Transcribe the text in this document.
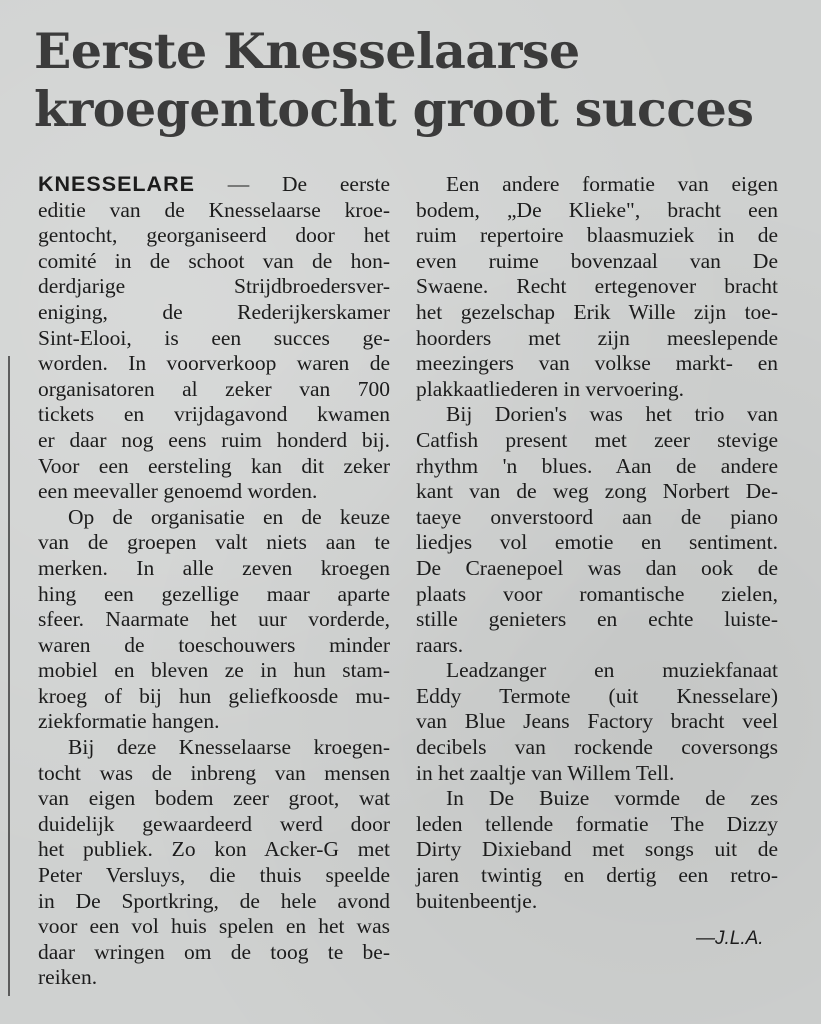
Eerste Knesselaarse
kroegentocht groot succes
KNESSELARE — De eerste
editie van de Knesselaarse kroe-
gentocht, georganiseerd door het
comité in de schoot van de hon-
derdjarige Strijdbroedersver-
eniging, de Rederijkerskamer
Sint-Elooi, is een succes ge-
worden. In voorverkoop waren de
organisatoren al zeker van 700
tickets en vrijdagavond kwamen
er daar nog eens ruim honderd bij.
Voor een eersteling kan dit zeker
een meevaller genoemd worden.
Op de organisatie en de keuze
van de groepen valt niets aan te
merken. In alle zeven kroegen
hing een gezellige maar aparte
sfeer. Naarmate het uur vorderde,
waren de toeschouwers minder
mobiel en bleven ze in hun stam-
kroeg of bij hun geliefkoosde mu-
ziekformatie hangen.
Bij deze Knesselaarse kroegen-
tocht was de inbreng van mensen
van eigen bodem zeer groot, wat
duidelijk gewaardeerd werd door
het publiek. Zo kon Acker-G met
Peter Versluys, die thuis speelde
in De Sportkring, de hele avond
voor een vol huis spelen en het was
daar wringen om de toog te be-
reiken.
Een andere formatie van eigen
bodem, „De Klieke", bracht een
ruim repertoire blaasmuziek in de
even ruime bovenzaal van De
Swaene. Recht ertegenover bracht
het gezelschap Erik Wille zijn toe-
hoorders met zijn meeslepende
meezingers van volkse markt- en
plakkaatliederen in vervoering.
Bij Dorien's was het trio van
Catfish present met zeer stevige
rhythm 'n blues. Aan de andere
kant van de weg zong Norbert De-
taeye onverstoord aan de piano
liedjes vol emotie en sentiment.
De Craenepoel was dan ook de
plaats voor romantische zielen,
stille genieters en echte luiste-
raars.
Leadzanger en muziekfanaat
Eddy Termote (uit Knesselare)
van Blue Jeans Factory bracht veel
decibels van rockende coversongs
in het zaaltje van Willem Tell.
In De Buize vormde de zes
leden tellende formatie The Dizzy
Dirty Dixieband met songs uit de
jaren twintig en dertig een retro-
buitenbeentje.
—J.L.A.
